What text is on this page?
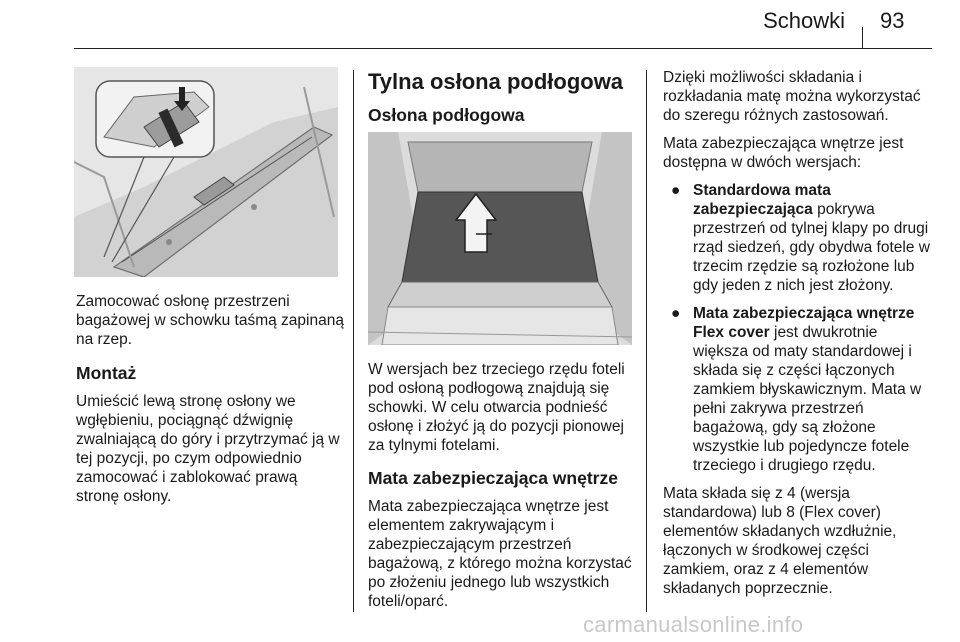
Schowki 93

Zamocować osłonę przestrzeni bagażowej w schowku taśmą zapinaną na rzep.

Montaż

Umieścić lewą stronę osłony we wgłębieniu, pociągnąć dźwignię zwalniającą do góry i przytrzymać ją w tej pozycji, po czym odpowiednio zamocować i zablokować prawą stronę osłony.

Tylna osłona podłogowa
Osłona podłogowa

W wersjach bez trzeciego rzędu foteli pod osłoną podłogową znajdują się schowki. W celu otwarcia podnieść osłonę i złożyć ją do pozycji pionowej za tylnymi fotelami.

Mata zabezpieczająca wnętrze

Mata zabezpieczająca wnętrze jest elementem zakrywającym i zabezpieczającym przestrzeń bagażową, z którego można korzystać po złożeniu jednego lub wszystkich foteli/oparć.

Dzięki możliwości składania i rozkładania matę można wykorzystać do szeregu różnych zastosowań.

Mata zabezpieczająca wnętrze jest dostępna w dwóch wersjach:

● Standardowa mata zabezpieczająca pokrywa przestrzeń od tylnej klapy po drugi rząd siedzeń, gdy obydwa fotele w trzecim rzędzie są rozłożone lub gdy jeden z nich jest złożony.
● Mata zabezpieczająca wnętrze Flex cover jest dwukrotnie większa od maty standardowej i składa się z części łączonych zamkiem błyskawicznym. Mata w pełni zakrywa przestrzeń bagażową, gdy są złożone wszystkie lub pojedyncze fotele trzeciego i drugiego rzędu.

Mata składa się z 4 (wersja standardowa) lub 8 (Flex cover) elementów składanych wzdłużnie, łączonych w środkowej części zamkiem, oraz z 4 elementów składanych poprzecznie.

carmanualsonline.info
